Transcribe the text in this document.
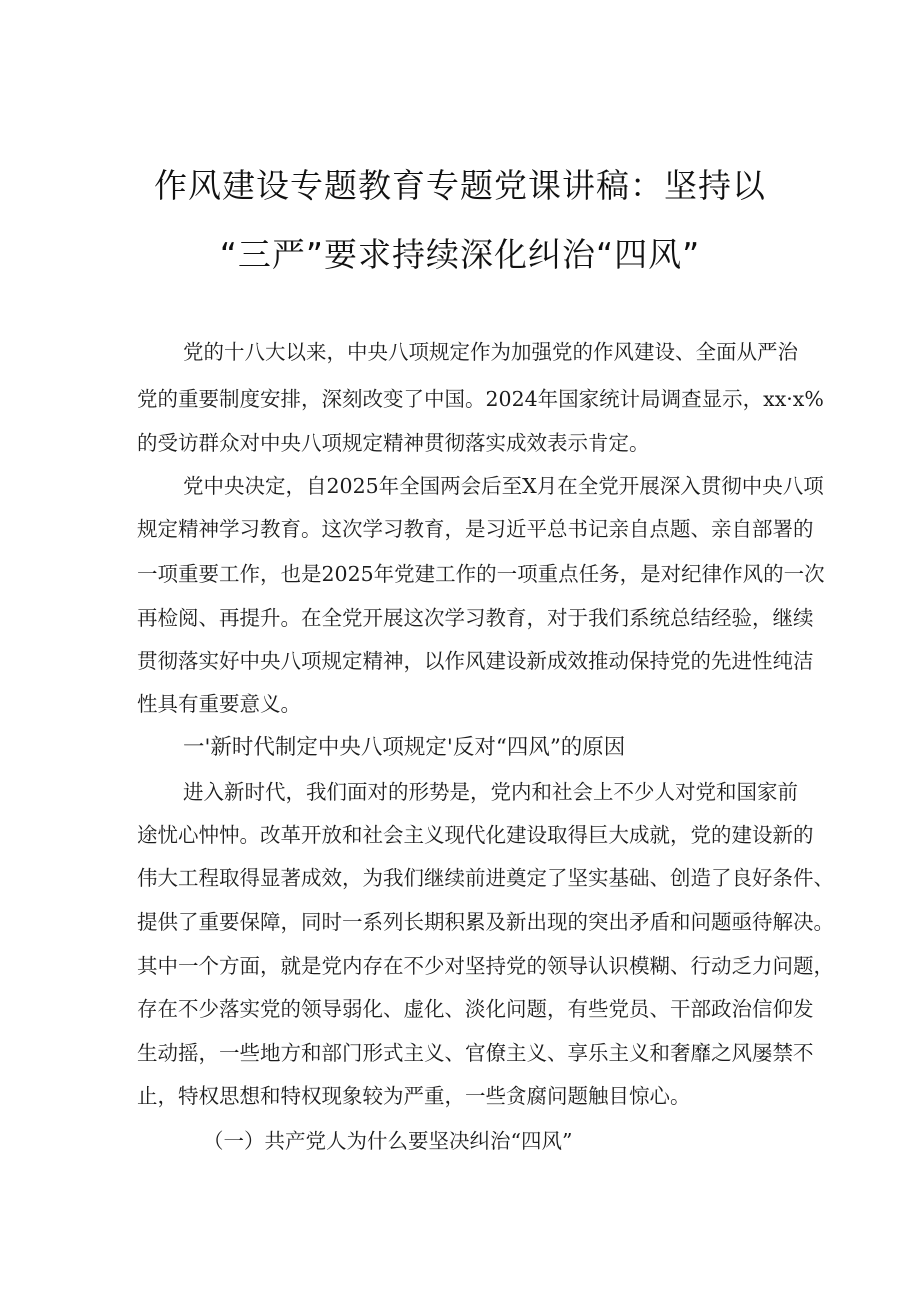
作风建设专题教育专题党课讲稿：坚持以
“三严”要求持续深化纠治“四风”
党的十八大以来，中央八项规定作为加强党的作风建设、全面从严治
党的重要制度安排，深刻改变了中国。2024年国家统计局调查显示，xx·x%
的受访群众对中央八项规定精神贯彻落实成效表示肯定。
党中央决定，自2025年全国两会后至X月在全党开展深入贯彻中央八项
规定精神学习教育。这次学习教育，是习近平总书记亲自点题、亲自部署的
一项重要工作，也是2025年党建工作的一项重点任务，是对纪律作风的一次
再检阅、再提升。在全党开展这次学习教育，对于我们系统总结经验，继续
贯彻落实好中央八项规定精神，以作风建设新成效推动保持党的先进性纯洁
性具有重要意义。
一'新时代制定中央八项规定'反对“四风”的原因
进入新时代，我们面对的形势是，党内和社会上不少人对党和国家前
途忧心忡忡。改革开放和社会主义现代化建设取得巨大成就，党的建设新的
伟大工程取得显著成效，为我们继续前进奠定了坚实基础、创造了良好条件、
提供了重要保障，同时一系列长期积累及新出现的突出矛盾和问题亟待解决。
其中一个方面，就是党内存在不少对坚持党的领导认识模糊、行动乏力问题，
存在不少落实党的领导弱化、虚化、淡化问题，有些党员、干部政治信仰发
生动摇，一些地方和部门形式主义、官僚主义、享乐主义和奢靡之风屡禁不
止，特权思想和特权现象较为严重，一些贪腐问题触目惊心。
（一）共产党人为什么要坚决纠治“四风”
